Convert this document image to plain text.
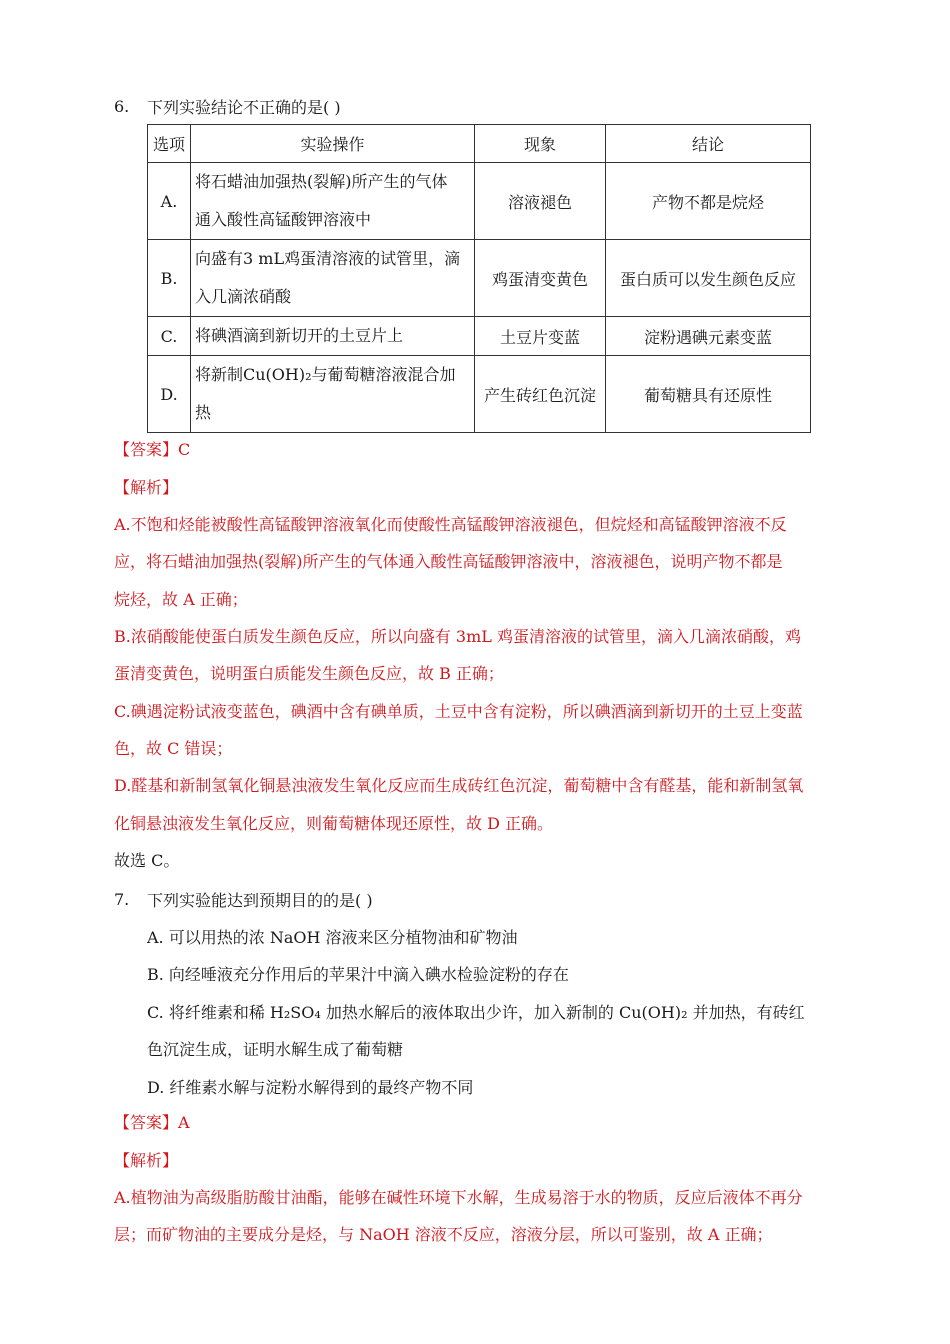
6. 下列实验结论不正确的是( )
选项	实验操作	现象	结论
A.	将石蜡油加强热(裂解)所产生的气体
通入酸性高锰酸钾溶液中	溶液褪色	产物不都是烷烃
B.	向盛有3 mL鸡蛋清溶液的试管里，滴
入几滴浓硝酸	鸡蛋清变黄色	蛋白质可以发生颜色反应
C.	将碘酒滴到新切开的土豆片上	土豆片变蓝	淀粉遇碘元素变蓝
D.	将新制Cu(OH)₂与葡萄糖溶液混合加
热	产生砖红色沉淀	葡萄糖具有还原性
【答案】C
【解析】
A.不饱和烃能被酸性高锰酸钾溶液氧化而使酸性高锰酸钾溶液褪色，但烷烃和高锰酸钾溶液不反
应，将石蜡油加强热(裂解)所产生的气体通入酸性高锰酸钾溶液中，溶液褪色，说明产物不都是
烷烃，故 A 正确；
B.浓硝酸能使蛋白质发生颜色反应，所以向盛有 3mL 鸡蛋清溶液的试管里，滴入几滴浓硝酸，鸡
蛋清变黄色，说明蛋白质能发生颜色反应，故 B 正确；
C.碘遇淀粉试液变蓝色，碘酒中含有碘单质，土豆中含有淀粉，所以碘酒滴到新切开的土豆上变蓝
色，故 C 错误；
D.醛基和新制氢氧化铜悬浊液发生氧化反应而生成砖红色沉淀，葡萄糖中含有醛基，能和新制氢氧
化铜悬浊液发生氧化反应，则葡萄糖体现还原性，故 D 正确。
故选 C。
7. 下列实验能达到预期目的的是( )
A. 可以用热的浓 NaOH 溶液来区分植物油和矿物油
B. 向经唾液充分作用后的苹果汁中滴入碘水检验淀粉的存在
C. 将纤维素和稀 H₂SO₄ 加热水解后的液体取出少许，加入新制的 Cu(OH)₂ 并加热，有砖红
色沉淀生成，证明水解生成了葡萄糖
D. 纤维素水解与淀粉水解得到的最终产物不同
【答案】A
【解析】
A.植物油为高级脂肪酸甘油酯，能够在碱性环境下水解，生成易溶于水的物质，反应后液体不再分
层；而矿物油的主要成分是烃，与 NaOH 溶液不反应，溶液分层，所以可鉴别，故 A 正确；
